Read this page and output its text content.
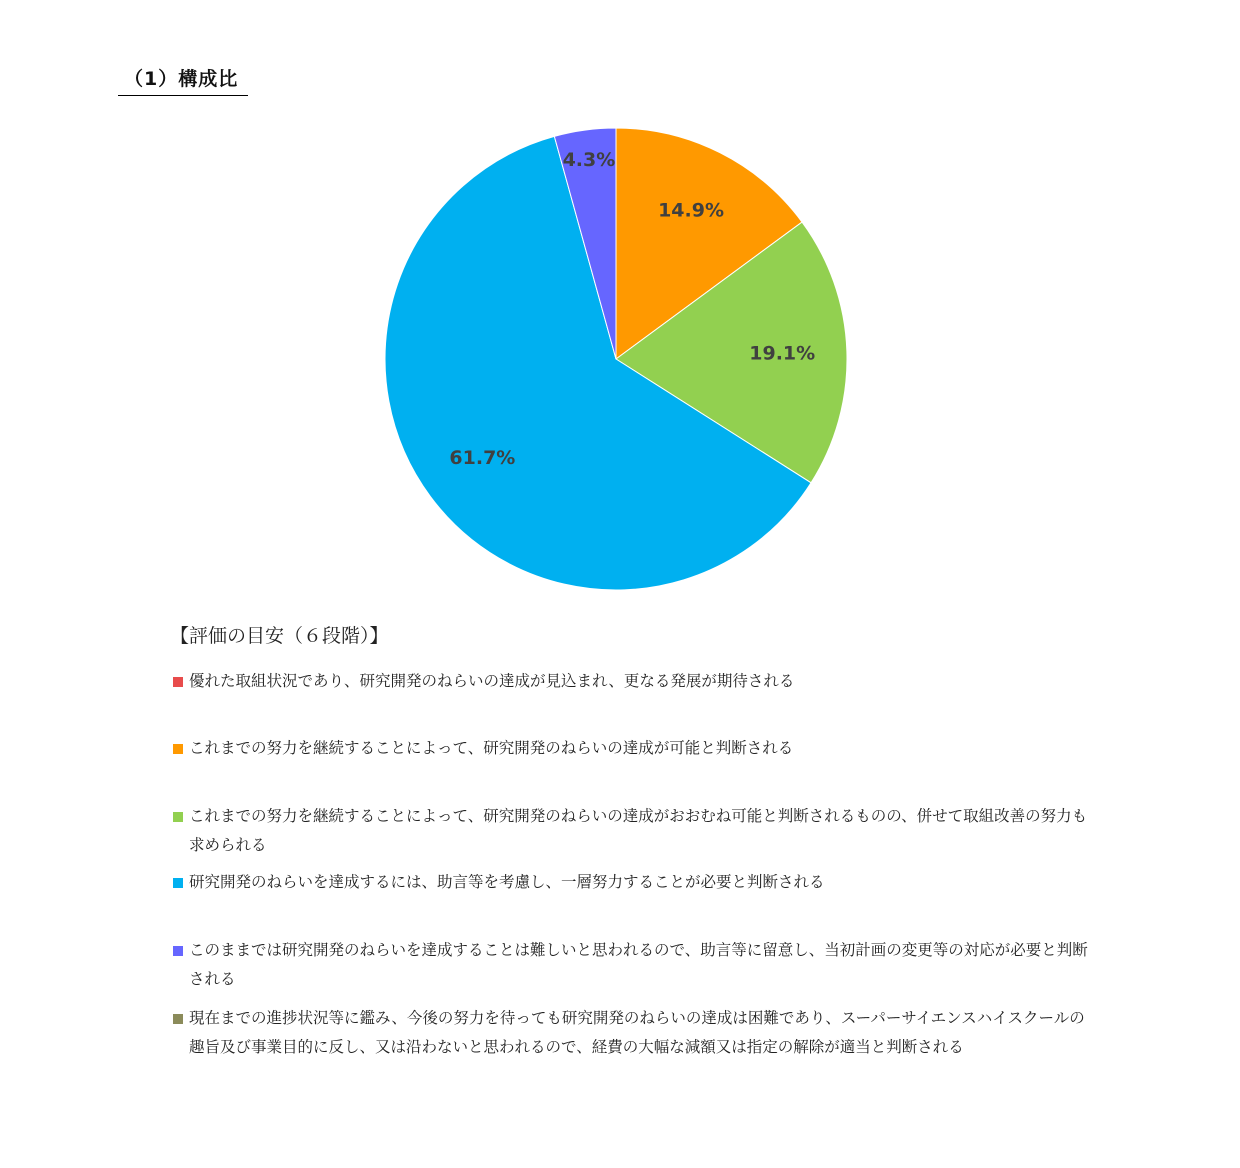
（1）構成比
14.9%
19.1%
61.7%
4.3%
【評価の目安（６段階）】
優れた取組状況であり、研究開発のねらいの達成が見込まれ、更なる発展が期待される
これまでの努力を継続することによって、研究開発のねらいの達成が可能と判断される
これまでの努力を継続することによって、研究開発のねらいの達成がおおむね可能と判断されるものの、併せて取組改善の努力も求められる
研究開発のねらいを達成するには、助言等を考慮し、一層努力することが必要と判断される
このままでは研究開発のねらいを達成することは難しいと思われるので、助言等に留意し、当初計画の変更等の対応が必要と判断される
現在までの進捗状況等に鑑み、今後の努力を待っても研究開発のねらいの達成は困難であり、スーパーサイエンスハイスクールの趣旨及び事業目的に反し、又は沿わないと思われるので、経費の大幅な減額又は指定の解除が適当と判断される
